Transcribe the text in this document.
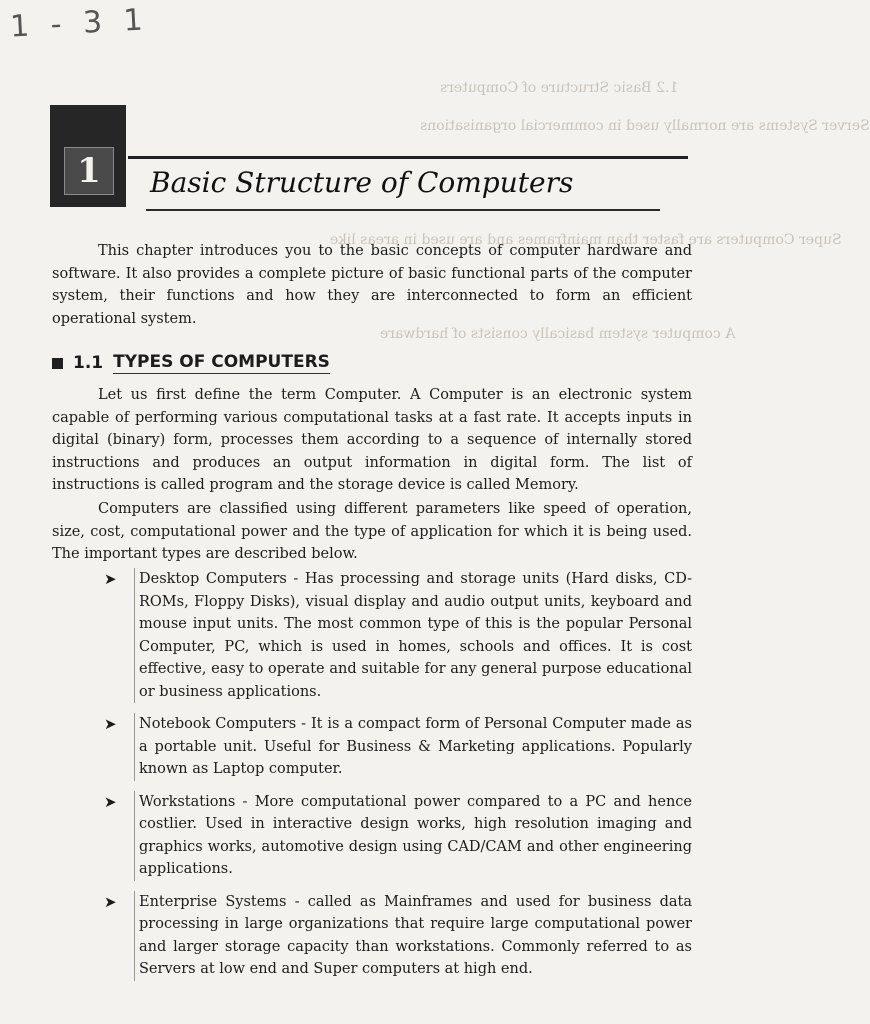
1 - 3 1
1.2 Basic Structure of Computers
Server Systems are normally used in commercial organisations
Super Computers are faster than mainframes and are used in areas like
A computer system basically consists of hardware
1	Basic Structure of Computers

This chapter introduces you to the basic concepts of computer hardware and software. It also provides a complete picture of basic functional parts of the computer system, their functions and how they are interconnected to form an efficient operational system.

1.1 TYPES OF COMPUTERS

Let us first define the term Computer. A Computer is an electronic system capable of performing various computational tasks at a fast rate. It accepts inputs in digital (binary) form, processes them according to a sequence of internally stored instructions and produces an output information in digital form. The list of instructions is called program and the storage device is called Memory.

Computers are classified using different parameters like speed of operation, size, cost, computational power and the type of application for which it is being used. The important types are described below.

➤	Desktop Computers - Has processing and storage units (Hard disks, CD-ROMs, Floppy Disks), visual display and audio output units, keyboard and mouse input units. The most common type of this is the popular Personal Computer, PC, which is used in homes, schools and offices. It is cost effective, easy to operate and suitable for any general purpose educational or business applications.
➤	Notebook Computers - It is a compact form of Personal Computer made as a portable unit. Useful for Business & Marketing applications. Popularly known as Laptop computer.
➤	Workstations - More computational power compared to a PC and hence costlier. Used in interactive design works, high resolution imaging and graphics works, automotive design using CAD/CAM and other engineering applications.
➤	Enterprise Systems - called as Mainframes and used for business data processing in large organizations that require large computational power and larger storage capacity than workstations. Commonly referred to as Servers at low end and Super computers at high end.
